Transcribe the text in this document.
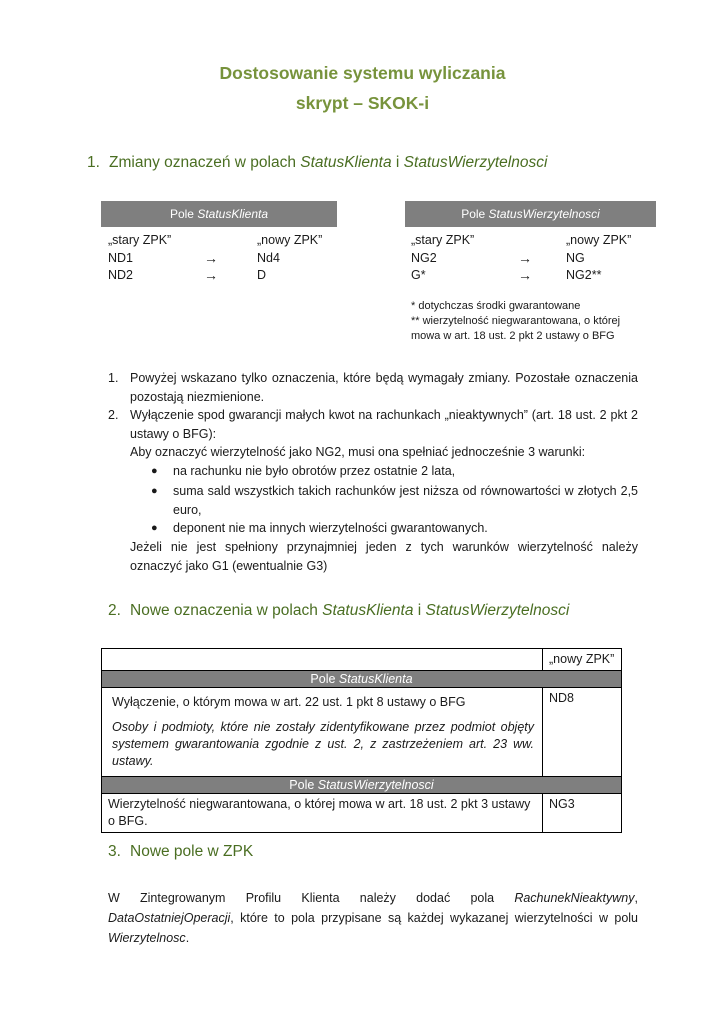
Dostosowanie systemu wyliczania
skrypt – SKOK-i
1. Zmiany oznaczeń w polach StatusKlienta i StatusWierzytelnosci
Pole StatusKlienta
„stary ZPK”	„nowy ZPK”
ND1	→	Nd4
ND2	→	D
Pole StatusWierzytelnosci
„stary ZPK”	„nowy ZPK”
NG2	→	NG
G*	→	NG2**
* dotychczas środki gwarantowane
** wierzytelność niegwarantowana, o której
mowa w art. 18 ust. 2 pkt 2 ustawy o BFG
1. Powyżej wskazano tylko oznaczenia, które będą wymagały zmiany. Pozostałe oznaczenia pozostają niezmienione.
2. Wyłączenie spod gwarancji małych kwot na rachunkach „nieaktywnych” (art. 18 ust. 2 pkt 2 ustawy o BFG):
Aby oznaczyć wierzytelność jako NG2, musi ona spełniać jednocześnie 3 warunki:
● na rachunku nie było obrotów przez ostatnie 2 lata,
● suma sald wszystkich takich rachunków jest niższa od równowartości w złotych 2,5 euro,
● deponent nie ma innych wierzytelności gwarantowanych.
Jeżeli nie jest spełniony przynajmniej jeden z tych warunków wierzytelność należy oznaczyć jako G1 (ewentualnie G3)
2. Nowe oznaczenia w polach StatusKlienta i StatusWierzytelnosci
	„nowy ZPK”
Pole StatusKlienta	

Wyłączenie, o którym mowa w art. 22 ust. 1 pkt 8 ustawy o BFG

Osoby i podmioty, które nie zostały zidentyfikowane przez podmiot objęty systemem gwarantowania zgodnie z ust. 2, z zastrzeżeniem art. 23 ww. ustawy.	ND8
Pole StatusWierzytelnosci	
Wierzytelność niegwarantowana, o której mowa w art. 18 ust. 2 pkt 3 ustawy o BFG.	NG3
3. Nowe pole w ZPK
W Zintegrowanym Profilu Klienta należy dodać pola RachunekNieaktywny, DataOstatniejOperacji, które to pola przypisane są każdej wykazanej wierzytelności w polu Wierzytelnosc.
